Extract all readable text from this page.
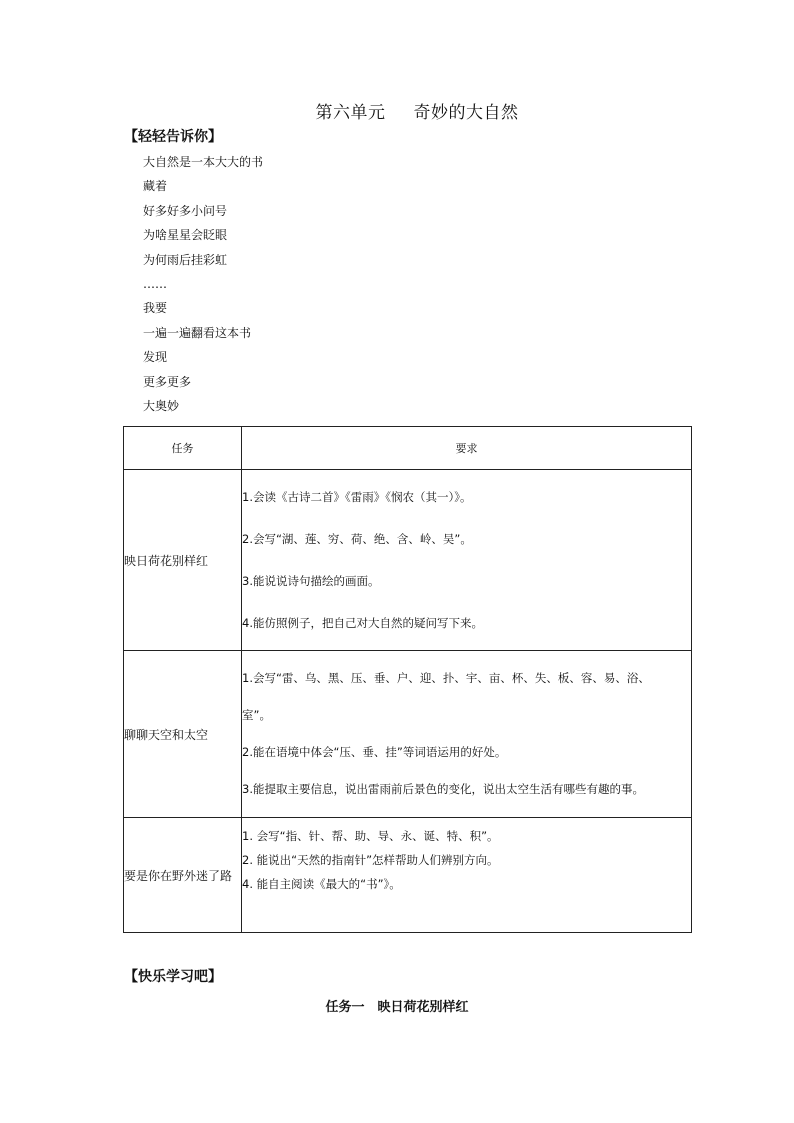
第六单元 奇妙的大自然
【轻轻告诉你】
大自然是一本大大的书
藏着
好多好多小问号
为啥星星会眨眼
为何雨后挂彩虹
……
我要
一遍一遍翻看这本书
发现
更多更多
大奥妙
任务	要求
映日荷花别样红	1.会读《古诗二首》《雷雨》《悯农（其一）》。
2.会写“湖、莲、穷、荷、绝、含、岭、吴”。
3.能说说诗句描绘的画面。
4.能仿照例子，把自己对大自然的疑问写下来。

聊聊天空和太空	1.会写“雷、乌、黑、压、垂、户、迎、扑、宇、亩、杯、失、板、容、易、浴、
室”。
2.能在语境中体会“压、垂、挂”等词语运用的好处。
3.能提取主要信息，说出雷雨前后景色的变化，说出太空生活有哪些有趣的事。

要是你在野外迷了路	1. 会写“指、针、帮、助、导、永、诞、特、积”。
2. 能说出“天然的指南针”怎样帮助人们辨别方向。
4. 能自主阅读《最大的“书”》。
【快乐学习吧】
任务一　映日荷花别样红
